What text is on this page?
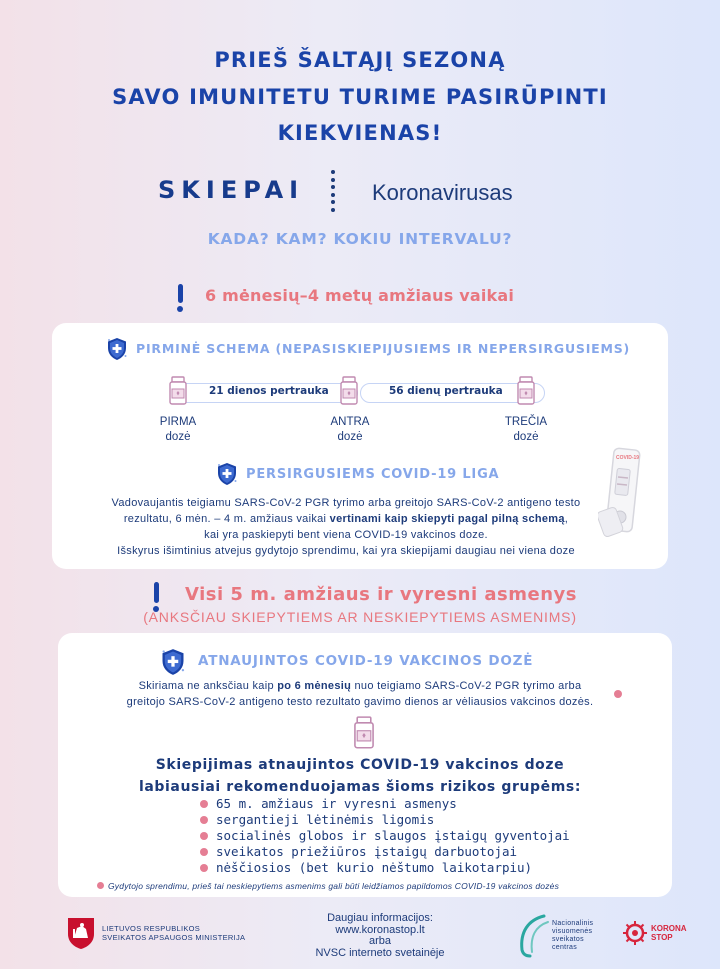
PRIEŠ ŠALTĄJĮ SEZONĄ
SAVO IMUNITETU TURIME PASIRŪPINTI
KIEKVIENAS!
SKIEPAI	Koronavirusas
KADA? KAM? KOKIU INTERVALU?
6 mėnesių–4 metų amžiaus vaikai
PIRMINĖ SCHEMA (NEPASISKIEPIJUSIEMS IR NEPERSIRGUSIEMS)
21 dienos pertrauka	56 dienų pertrauka
PIRMA
dozė
ANTRA
dozė
TREČIA
dozė
PERSIRGUSIEMS COVID-19 LIGA
Vadovaujantis teigiamu SARS-CoV-2 PGR tyrimo arba greitojo SARS-CoV-2 antigeno testo
rezultatu, 6 mėn. – 4 m. amžiaus vaikai vertinami kaip skiepyti pagal pilną schemą,
kai yra paskiepyti bent viena COVID-19 vakcinos doze.
Išskyrus išimtinius atvejus gydytojo sprendimu, kai yra skiepijami daugiau nei viena doze
COVID-19
Visi 5 m. amžiaus ir vyresni asmenys
(ANKSČIAU SKIEPYTIEMS AR NESKIEPYTIEMS ASMENIMS)
ATNAUJINTOS COVID-19 VAKCINOS DOZĖ
Skiriama ne anksčiau kaip po 6 mėnesių nuo teigiamo SARS-CoV-2 PGR tyrimo arba
greitojo SARS-CoV-2 antigeno testo rezultato gavimo dienos ar vėliausios vakcinos dozės.
Skiepijimas atnaujintos COVID-19 vakcinos doze
labiausiai rekomenduojamas šioms rizikos grupėms:
65 m. amžiaus ir vyresni asmenys
sergantieji lėtinėmis ligomis
socialinės globos ir slaugos įstaigų gyventojai
sveikatos priežiūros įstaigų darbuotojai
nėščiosios (bet kurio nėštumo laikotarpiu)
Gydytojo sprendimu, prieš tai neskiepytiems asmenims gali būti leidžiamos papildomos COVID-19 vakcinos dozės
LIETUVOS RESPUBLIKOS
SVEIKATOS APSAUGOS MINISTERIJA
Daugiau informacijos:
www.koronastop.lt
arba
NVSC interneto svetainėje
Nacionalinis
visuomenės
sveikatos
centras
KORONA
STOP
